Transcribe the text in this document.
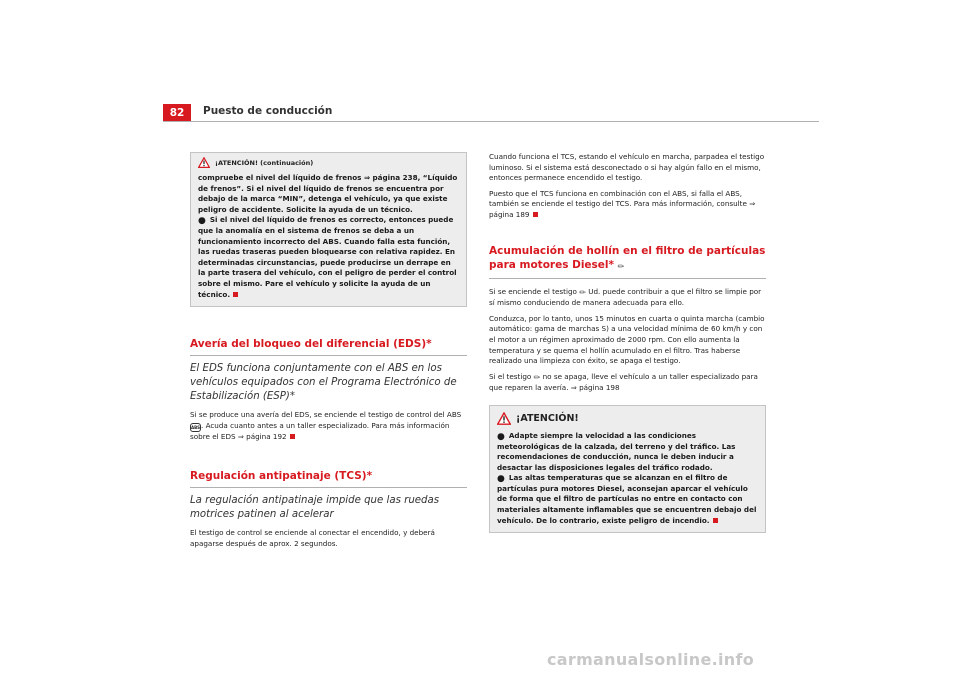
82	Puesto de conducción
¡ATENCIÓN! (continuación)

compruebe el nivel del líquido de frenos ⇒ página 238, “Líquido de frenos”. Si el nivel del líquido de frenos se encuentra por debajo de la marca “MIN”, detenga el vehículo, ya que existe peligro de accidente. Solicite la ayuda de un técnico.

● Si el nivel del líquido de frenos es correcto, entonces puede que la anomalía en el sistema de frenos se deba a un funcionamiento incorrecto del ABS. Cuando falla esta función, las ruedas traseras pueden bloquearse con relativa rapidez. En determinadas circunstancias, puede producirse un derrape en la parte trasera del vehículo, con el peligro de perder el control sobre el mismo. Pare el vehículo y solicite la ayuda de un técnico.

Avería del bloqueo del diferencial (EDS)*

El EDS funciona conjuntamente con el ABS en los vehículos equipados con el Programa Electrónico de Estabilización (ESP)*

Si se produce una avería del EDS, se enciende el testigo de control del ABS ABS. Acuda cuanto antes a un taller especializado. Para más información sobre el EDS ⇒ página 192

Regulación antipatinaje (TCS)*

La regulación antipatinaje impide que las ruedas motrices patinen al acelerar

El testigo de control se enciende al conectar el encendido, y deberá apagarse después de aprox. 2 segundos.

Cuando funciona el TCS, estando el vehículo en marcha, parpadea el testigo luminoso. Si el sistema está desconectado o si hay algún fallo en el mismo, entonces permanece encendido el testigo.

Puesto que el TCS funciona en combinación con el ABS, si falla el ABS, también se enciende el testigo del TCS. Para más información, consulte ⇒ página 189

Acumulación de hollín en el filtro de partículas para motores Diesel* ✏

Si se enciende el testigo ✏ Ud. puede contribuir a que el filtro se limpie por sí mismo conduciendo de manera adecuada para ello.

Conduzca, por lo tanto, unos 15 minutos en cuarta o quinta marcha (cambio automático: gama de marchas S) a una velocidad mínima de 60 km/h y con el motor a un régimen aproximado de 2000 rpm. Con ello aumenta la temperatura y se quema el hollín acumulado en el filtro. Tras haberse realizado una limpieza con éxito, se apaga el testigo.

Si el testigo ✏ no se apaga, lleve el vehículo a un taller especializado para que reparen la avería. ⇒ página 198

¡ATENCIÓN!

● Adapte siempre la velocidad a las condiciones meteorológicas de la calzada, del terreno y del tráfico. Las recomendaciones de conducción, nunca le deben inducir a desactar las disposiciones legales del tráfico rodado.

● Las altas temperaturas que se alcanzan en el filtro de partículas pura motores Diesel, aconsejan aparcar el vehículo de forma que el filtro de partículas no entre en contacto con materiales altamente inflamables que se encuentren debajo del vehículo. De lo contrario, existe peligro de incendio.

carmanualsonline.info
